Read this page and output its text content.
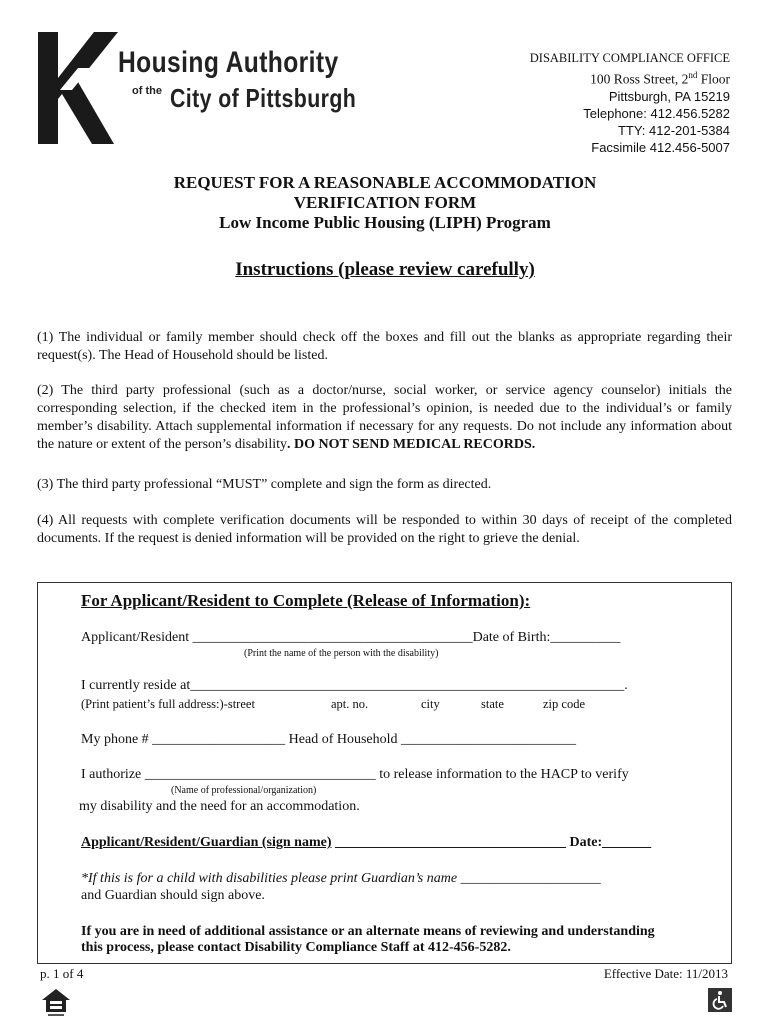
Housing Authority
of the City of Pittsburgh
DISABILITY COMPLIANCE OFFICE
100 Ross Street, 2nd Floor
Pittsburgh, PA 15219
Telephone: 412.456.5282
TTY: 412-201-5384
Facsimile 412.456-5007
REQUEST FOR A REASONABLE ACCOMMODATION
VERIFICATION FORM
Low Income Public Housing (LIPH) Program
Instructions (please review carefully)
(1) The individual or family member should check off the boxes and fill out the blanks as appropriate regarding their request(s). The Head of Household should be listed.
(2) The third party professional (such as a doctor/nurse, social worker, or service agency counselor) initials the corresponding selection, if the checked item in the professional’s opinion, is needed due to the individual’s or family member’s disability. Attach supplemental information if necessary for any requests. Do not include any information about the nature or extent of the person’s disability. DO NOT SEND MEDICAL RECORDS.
(3) The third party professional “MUST” complete and sign the form as directed.
(4) All requests with complete verification documents will be responded to within 30 days of receipt of the completed documents. If the request is denied information will be provided on the right to grieve the denial.
For Applicant/Resident to Complete (Release of Information):
Applicant/Resident ________________________________________Date of Birth:__________
(Print the name of the person with the disability)
I currently reside at______________________________________________________________.
(Print patient’s full address:)-street	apt. no.	city	state	zip code
My phone # ___________________ Head of Household _________________________
I authorize _________________________________ to release information to the HACP to verify
(Name of professional/organization)
my disability and the need for an accommodation.
Applicant/Resident/Guardian (sign name) _________________________________ Date:_______
*If this is for a child with disabilities please print Guardian’s name ____________________
and Guardian should sign above.
If you are in need of additional assistance or an alternate means of reviewing and understanding
this process, please contact Disability Compliance Staff at 412-456-5282.
p. 1 of 4	Effective Date: 11/2013
